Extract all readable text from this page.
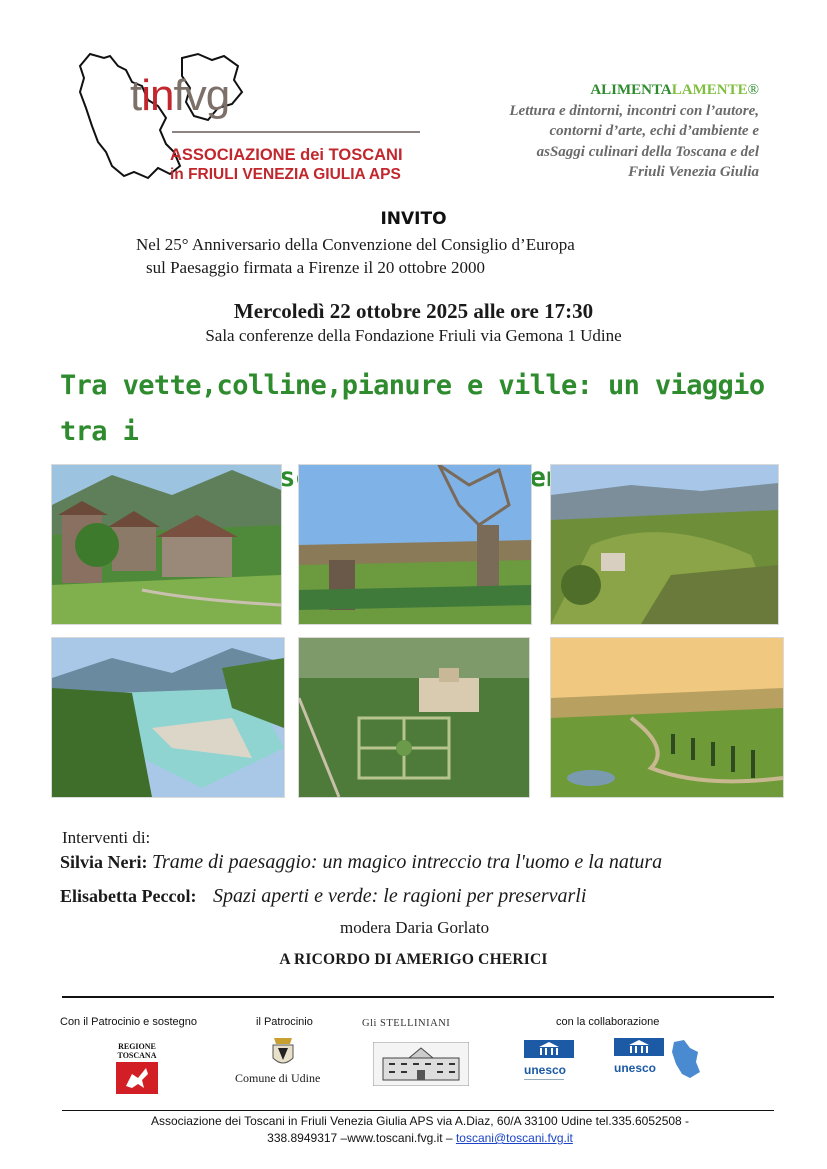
tinfvg
ASSOCIAZIONE dei TOSCANI
in FRIULI VENEZIA GIULIA APS
ALIMENTALAMENTE®
Lettura e dintorni, incontri con l’autore,
contorni d’arte, echi d’ambiente e
asSaggi culinari della Toscana e del
Friuli Venezia Giulia
INVITO
Nel 25° Anniversario della Convenzione del Consiglio d’Europa
sul Paesaggio firmata a Firenze il 20 ottobre 2000
Mercoledì 22 ottobre 2025 alle ore 17:30
Sala conferenze della Fondazione Friuli via Gemona 1 Udine
Tra vette,colline,pianure e ville: un viaggio tra i
Interventi di:
Silvia Neri: Trame di paesaggio: un magico intreccio tra l'uomo e la natura
Elisabetta Peccol: Spazi aperti e verde: le ragioni per preservarli
modera Daria Gorlato
A RICORDO DI AMERIGO CHERICI
Con il Patrocinio e sostegno	il Patrocinio	Gli STELLINIANI	con la collaborazione
REGIONE
TOSCANA
Comune di Udine
unesco	unesco
Associazione dei Toscani in Friuli Venezia Giulia APS via A.Diaz, 60/A 33100 Udine tel.335.6052508 -
338.8949317 –www.toscani.fvg.it – toscani@toscani.fvg.it
